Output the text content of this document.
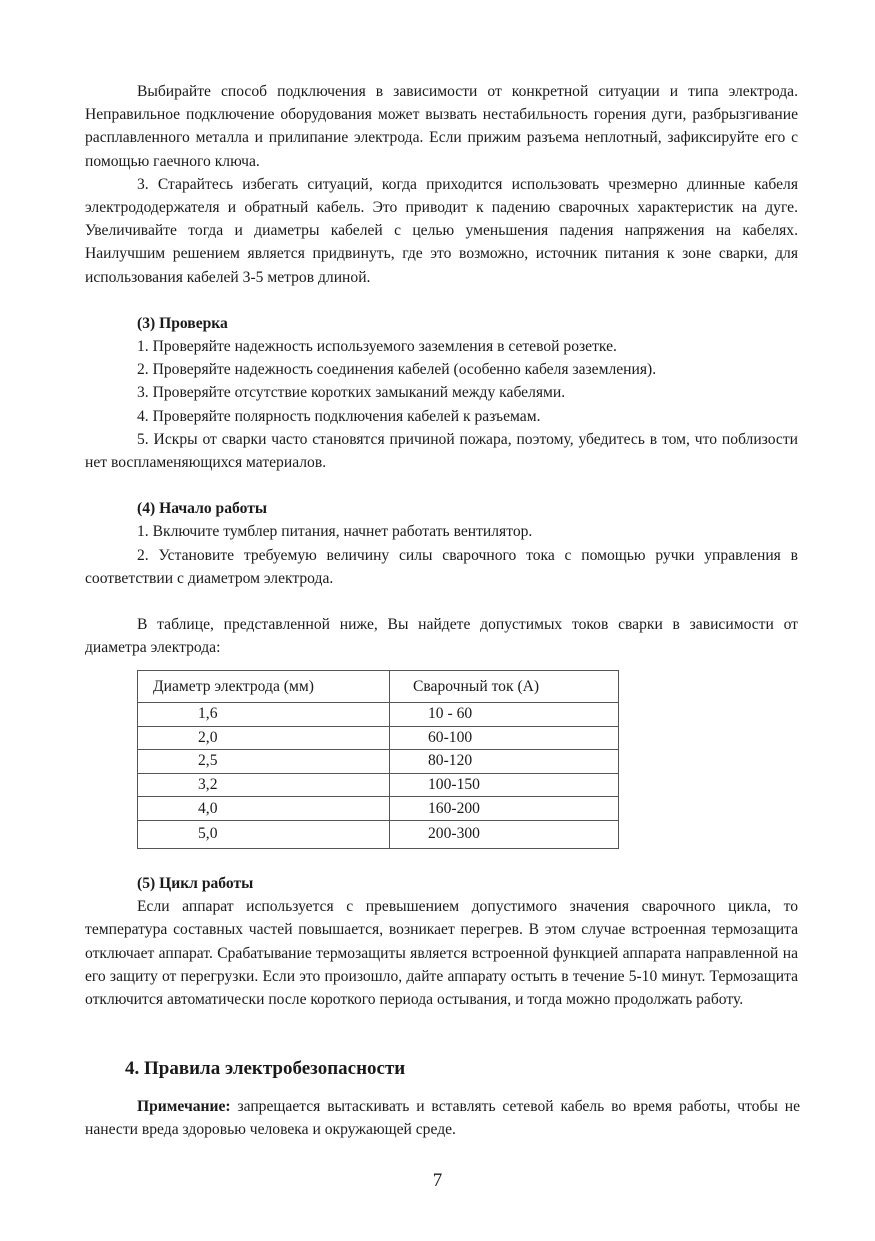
Выбирайте способ подключения в зависимости от конкретной ситуации и типа электрода. Неправильное подключение оборудования может вызвать нестабильность горения дуги, разбрызгивание расплавленного металла и прилипание электрода. Если прижим разъема неплотный, зафиксируйте его с помощью гаечного ключа.

3. Старайтесь избегать ситуаций, когда приходится использовать чрезмерно длинные кабеля электрододержателя и обратный кабель. Это приводит к падению сварочных характеристик на дуге. Увеличивайте тогда и диаметры кабелей с целью уменьшения падения напряжения на кабелях. Наилучшим решением является придвинуть, где это возможно, источник питания к зоне сварки, для использования кабелей 3-5 метров длиной.

(3) Проверка

1. Проверяйте надежность используемого заземления в сетевой розетке.

2. Проверяйте надежность соединения кабелей (особенно кабеля заземления).

3. Проверяйте отсутствие коротких замыканий между кабелями.

4. Проверяйте полярность подключения кабелей к разъемам.

5. Искры от сварки часто становятся причиной пожара, поэтому, убедитесь в том, что поблизости нет воспламеняющихся материалов.

(4) Начало работы

1. Включите тумблер питания, начнет работать вентилятор.

2. Установите требуемую величину силы сварочного тока с помощью ручки управления в соответствии с диаметром электрода.

В таблице, представленной ниже, Вы найдете допустимых токов сварки в зависимости от диаметра электрода:

Диаметр электрода (мм)	Сварочный ток (А)

1,6	10 - 60

2,0	60-100

2,5	80-120

3,2	100-150

4,0	160-200

5,0	200-300

(5) Цикл работы

Если аппарат используется с превышением допустимого значения сварочного цикла, то температура составных частей повышается, возникает перегрев. В этом случае встроенная термозащита отключает аппарат. Срабатывание термозащиты является встроенной функцией аппарата направленной на его защиту от перегрузки. Если это произошло, дайте аппарату остыть в течение 5-10 минут. Термозащита отключится автоматически после короткого периода остывания, и тогда можно продолжать работу.

4. Правила электробезопасности

Примечание: запрещается вытаскивать и вставлять сетевой кабель во время работы, чтобы не нанести вреда здоровью человека и окружающей среде.

7
